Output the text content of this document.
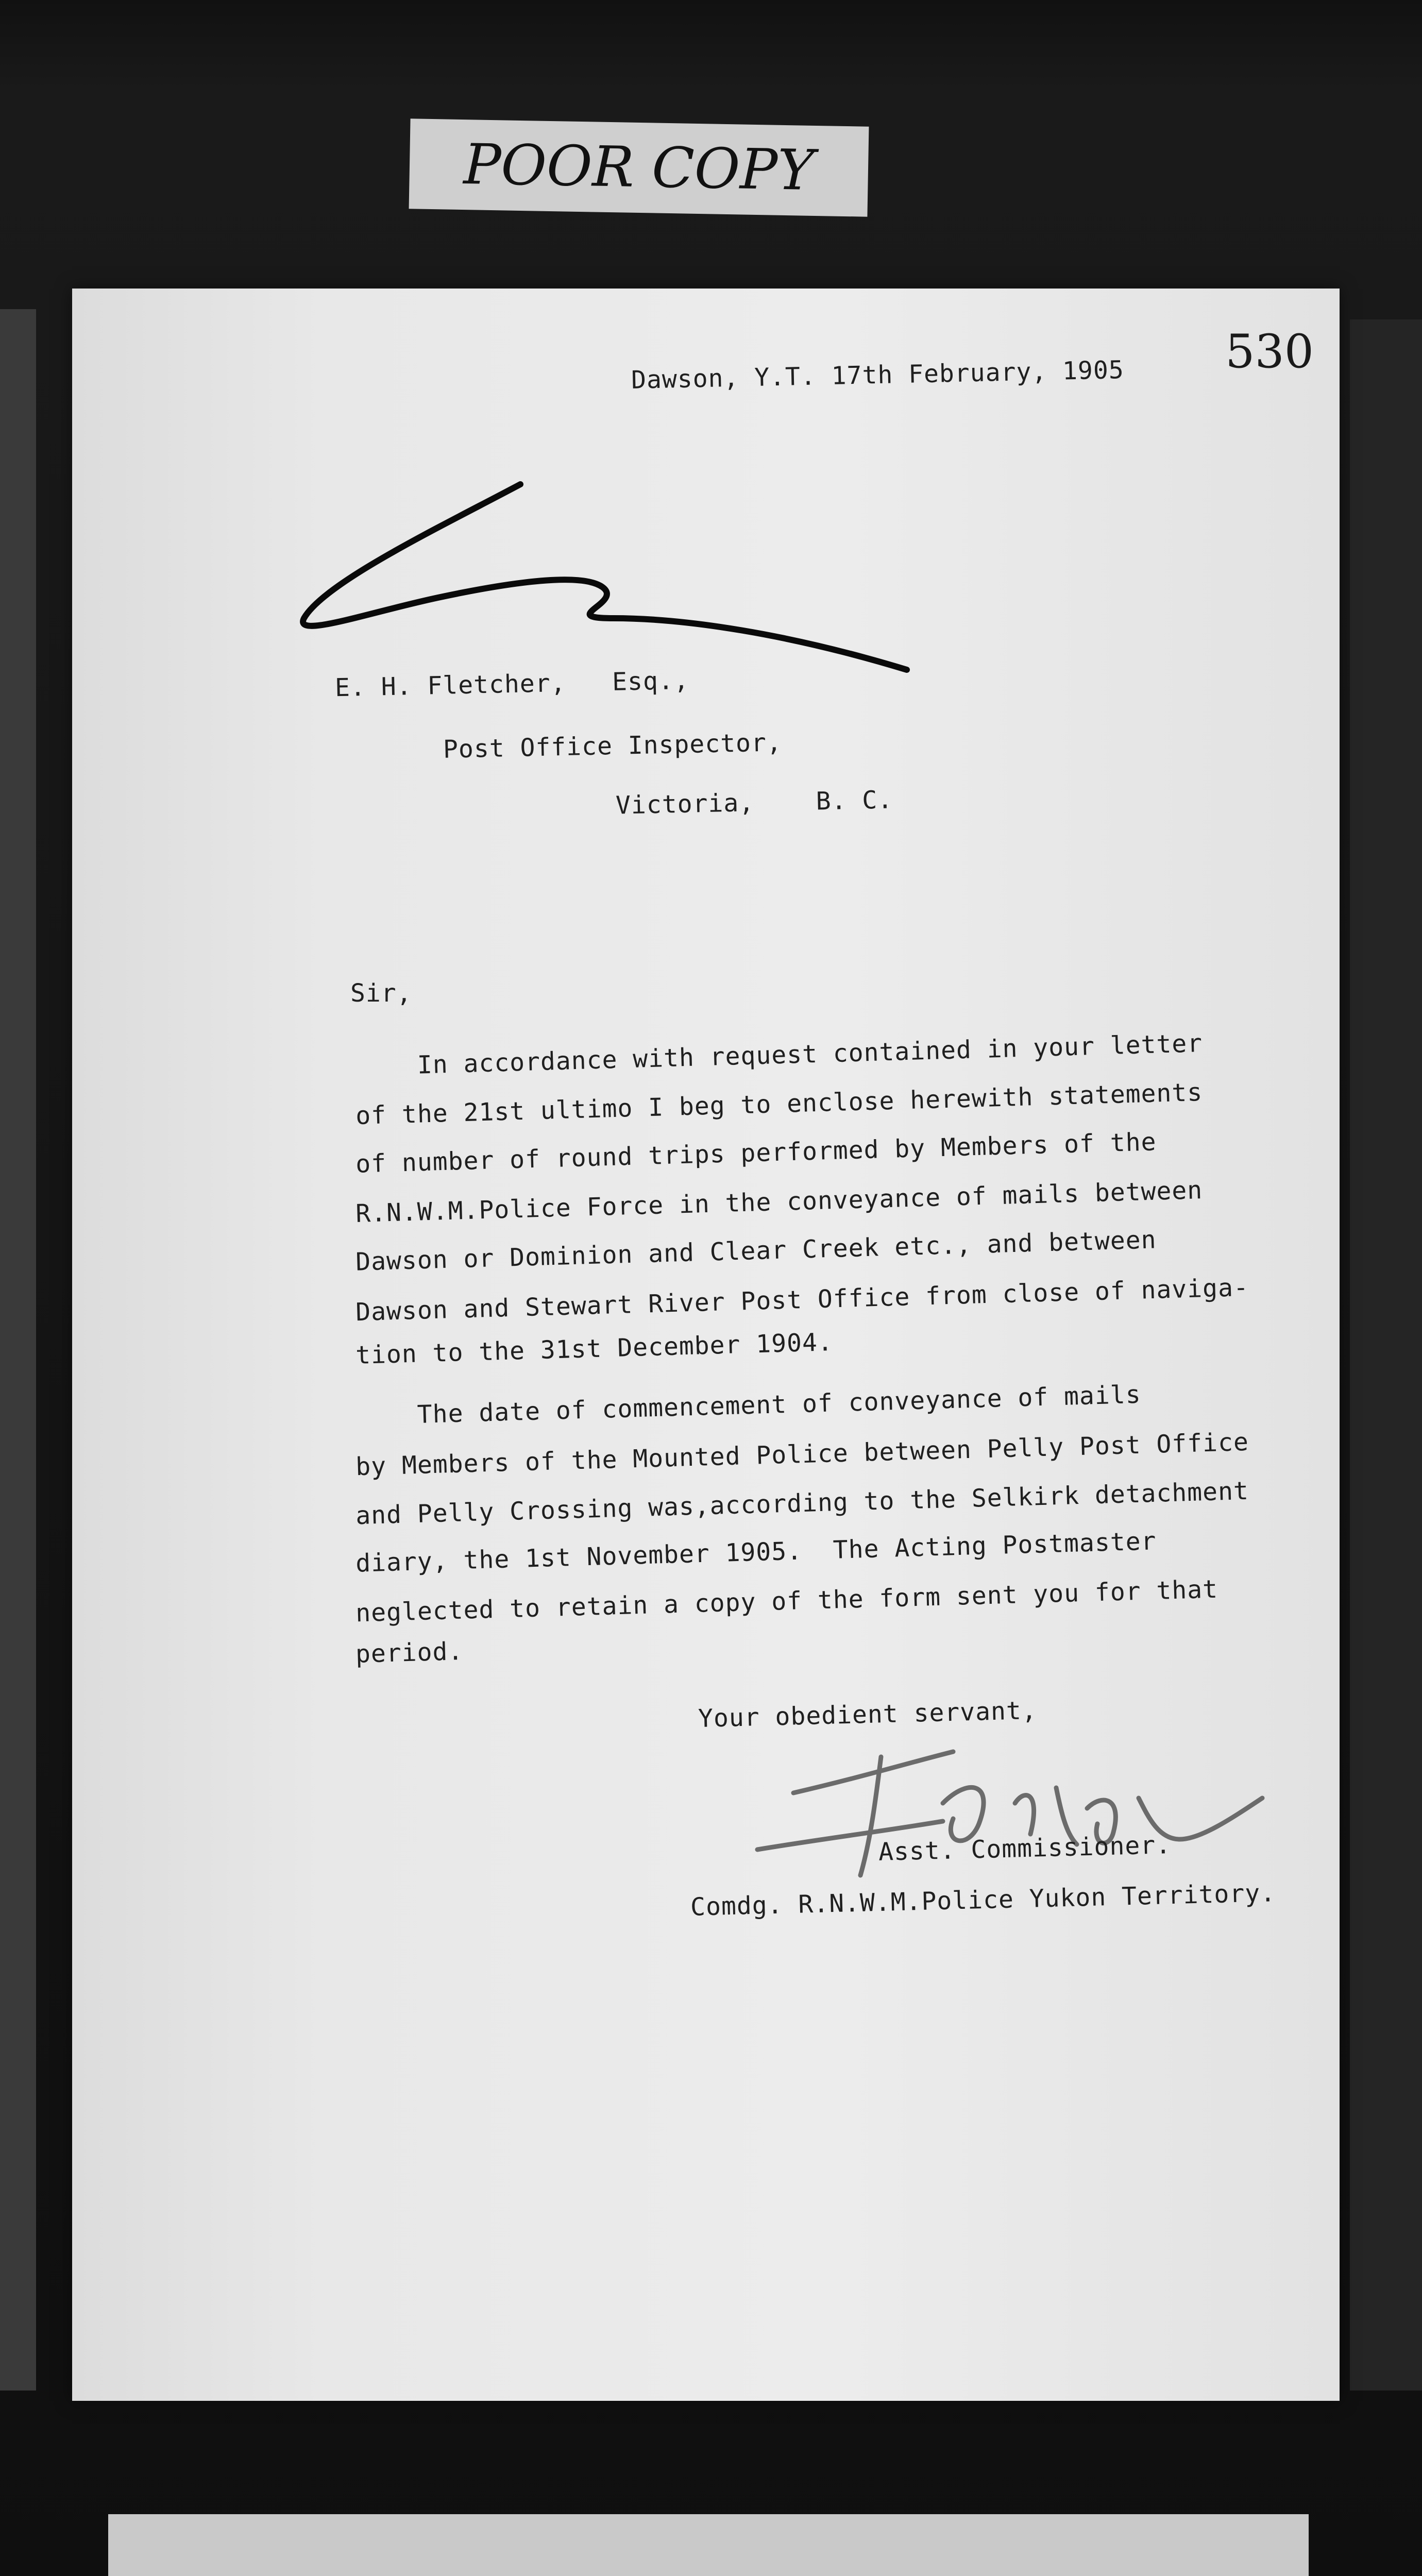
POOR COPY
530
Dawson, Y.T. 17th February, 1905
E. H. Fletcher,   Esq.,
Post Office Inspector,
Victoria,    B. C.
Sir,
In accordance with request contained in your letter
of the 21st ultimo I beg to enclose herewith statements
of number of round trips performed by Members of the
R.N.W.M.Police Force in the conveyance of mails between
Dawson or Dominion and Clear Creek etc., and between
Dawson and Stewart River Post Office from close of naviga-
tion to the 31st December 1904.
The date of commencement of conveyance of mails
by Members of the Mounted Police between Pelly Post Office
and Pelly Crossing was,according to the Selkirk detachment
diary, the 1st November 1905.  The Acting Postmaster
neglected to retain a copy of the form sent you for that
period.
Your obedient servant,
Asst. Commissioner.
Comdg. R.N.W.M.Police Yukon Territory.
